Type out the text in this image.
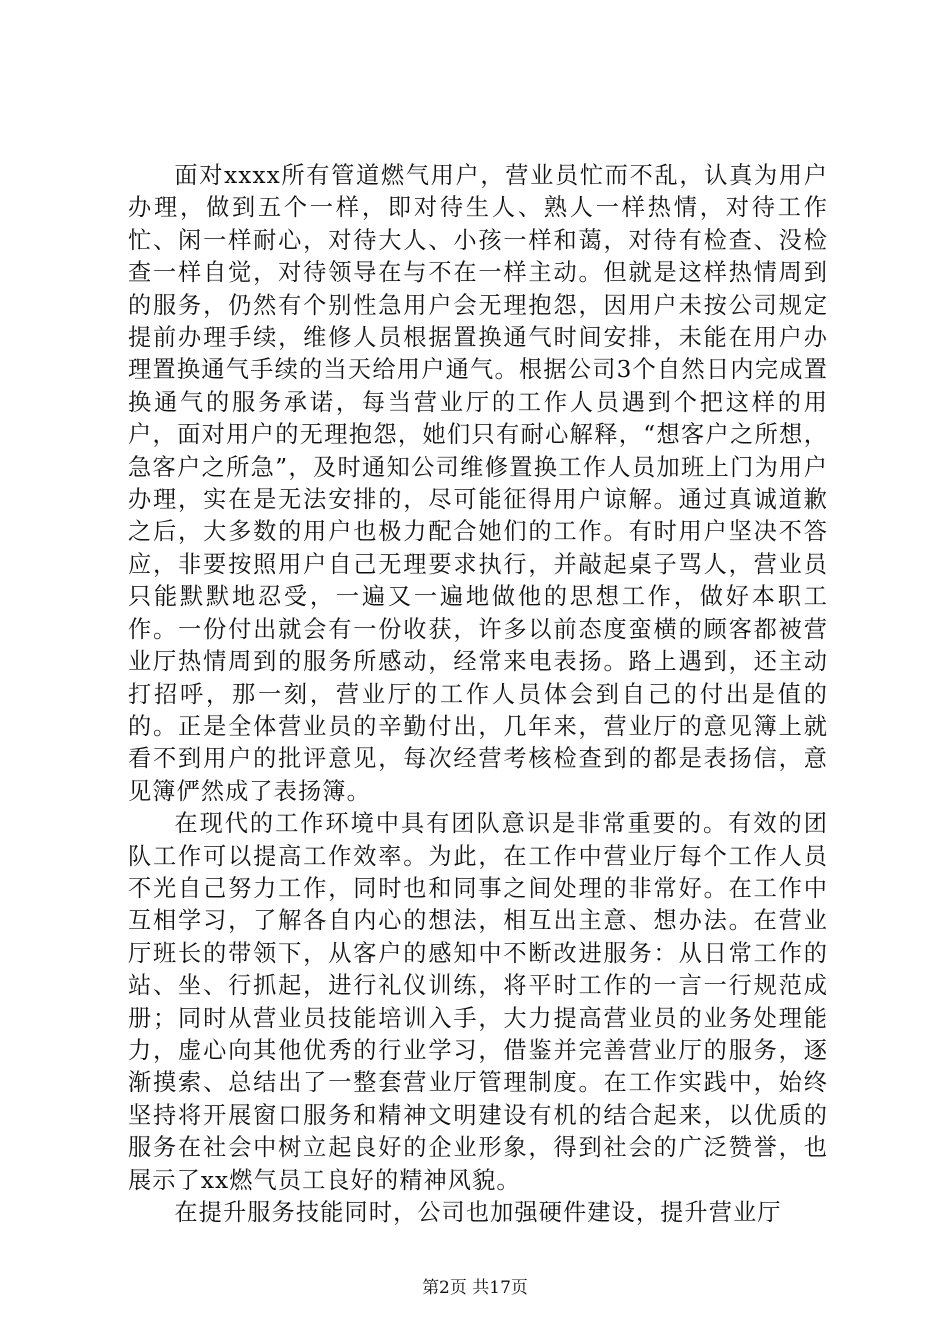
面对xxxx所有管道燃气用户，营业员忙而不乱，认真为用户办理，做到五个一样，即对待生人、熟人一样热情，对待工作忙、闲一样耐心，对待大人、小孩一样和蔼，对待有检查、没检查一样自觉，对待领导在与不在一样主动。但就是这样热情周到的服务，仍然有个别性急用户会无理抱怨，因用户未按公司规定提前办理手续，维修人员根据置换通气时间安排，未能在用户办理置换通气手续的当天给用户通气。根据公司3个自然日内完成置换通气的服务承诺，每当营业厅的工作人员遇到个把这样的用户，面对用户的无理抱怨，她们只有耐心解释，“想客户之所想，急客户之所急”，及时通知公司维修置换工作人员加班上门为用户办理，实在是无法安排的，尽可能征得用户谅解。通过真诚道歉之后，大多数的用户也极力配合她们的工作。有时用户坚决不答应，非要按照用户自己无理要求执行，并敲起桌子骂人，营业员只能默默地忍受，一遍又一遍地做他的思想工作，做好本职工作。一份付出就会有一份收获，许多以前态度蛮横的顾客都被营业厅热情周到的服务所感动，经常来电表扬。路上遇到，还主动打招呼，那一刻，营业厅的工作人员体会到自己的付出是值的的。正是全体营业员的辛勤付出，几年来，营业厅的意见簿上就看不到用户的批评意见，每次经营考核检查到的都是表扬信，意见簿俨然成了表扬簿。

在现代的工作环境中具有团队意识是非常重要的。有效的团队工作可以提高工作效率。为此，在工作中营业厅每个工作人员不光自己努力工作，同时也和同事之间处理的非常好。在工作中互相学习，了解各自内心的想法，相互出主意、想办法。在营业厅班长的带领下，从客户的感知中不断改进服务：从日常工作的站、坐、行抓起，进行礼仪训练，将平时工作的一言一行规范成册；同时从营业员技能培训入手，大力提高营业员的业务处理能力，虚心向其他优秀的行业学习，借鉴并完善营业厅的服务，逐渐摸索、总结出了一整套营业厅管理制度。在工作实践中，始终坚持将开展窗口服务和精神文明建设有机的结合起来，以优质的服务在社会中树立起良好的企业形象，得到社会的广泛赞誉，也展示了xx燃气员工良好的精神风貌。

在提升服务技能同时，公司也加强硬件建设，提升营业厅

第2页 共17页
